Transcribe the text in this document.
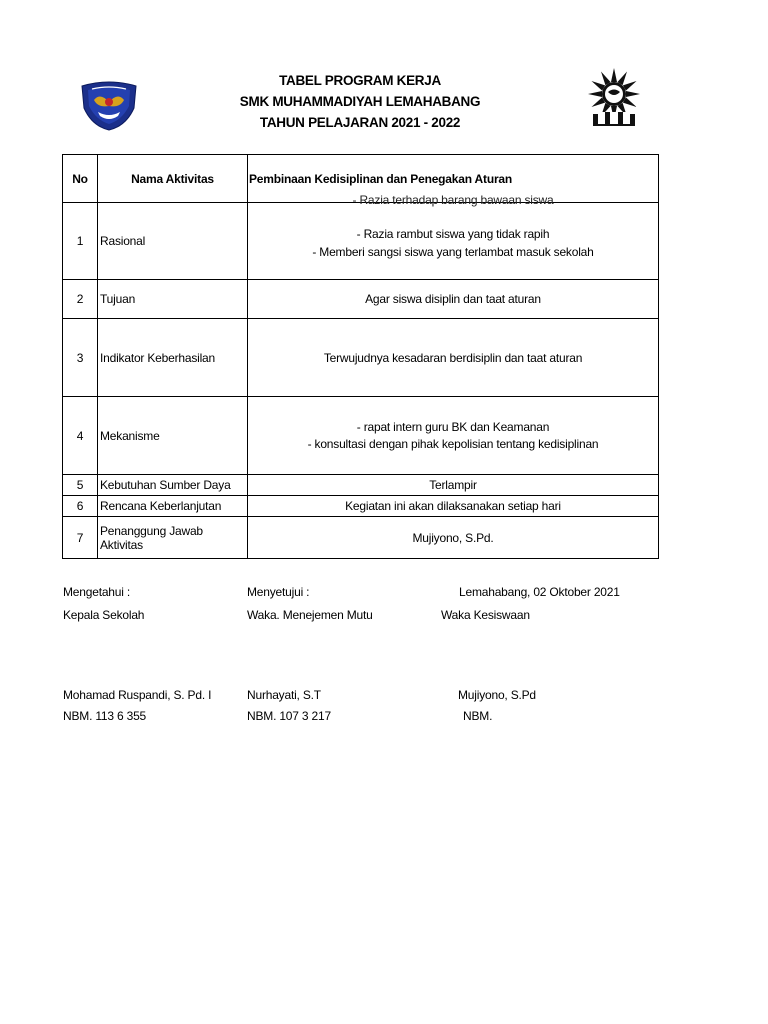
TABEL PROGRAM KERJA
SMK MUHAMMADIYAH LEMAHABANG
TAHUN PELAJARAN 2021 - 2022
No	Nama Aktivitas	Pembinaan Kedisiplinan dan Penegakan Aturan
1	Rasional	- Razia terhadap barang bawaan siswa
- Razia rambut siswa yang tidak rapih
- Memberi sangsi siswa yang terlambat masuk sekolah

2	Tujuan	Agar siswa disiplin dan taat aturan
3	Indikator Keberhasilan	Terwujudnya kesadaran berdisiplin dan taat aturan
4	Mekanisme	- rapat intern guru BK dan Keamanan
- konsultasi dengan pihak kepolisian tentang kedisiplinan

5	Kebutuhan Sumber Daya	Terlampir
6	Rencana Keberlanjutan	Kegiatan ini akan dilaksanakan setiap hari
7	Penanggung Jawab Aktivitas	Mujiyono, S.Pd.
Mengetahui :
Kepala Sekolah
Mohamad Ruspandi, S. Pd. I
NBM. 113 6 355
Menyetujui :
Waka. Menejemen Mutu
Nurhayati, S.T
NBM. 107 3 217
Lemahabang, 02 Oktober 2021
Waka Kesiswaan
Mujiyono, S.Pd
NBM.
